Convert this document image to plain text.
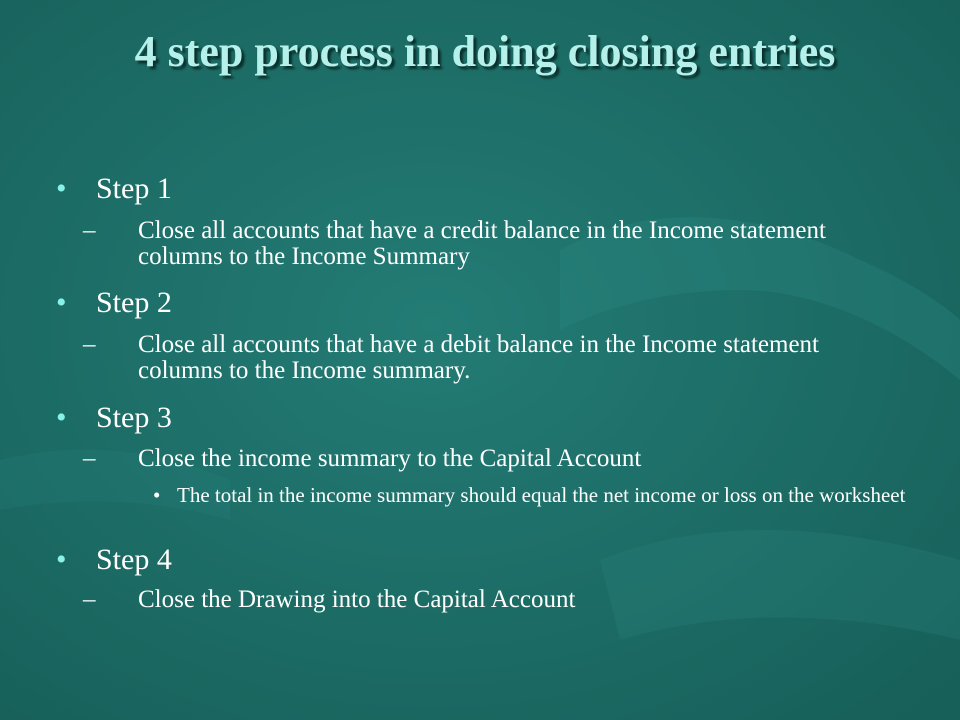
4 step process in doing closing entries
• Step 1
– Close all accounts that have a credit balance in the Income statement columns to the Income Summary
• Step 2
– Close all accounts that have a debit balance in the Income statement columns to the Income summary.
• Step 3
– Close the income summary to the Capital Account
• The total in the income summary should equal the net income or loss on the worksheet
• Step 4
– Close the Drawing into the Capital Account
